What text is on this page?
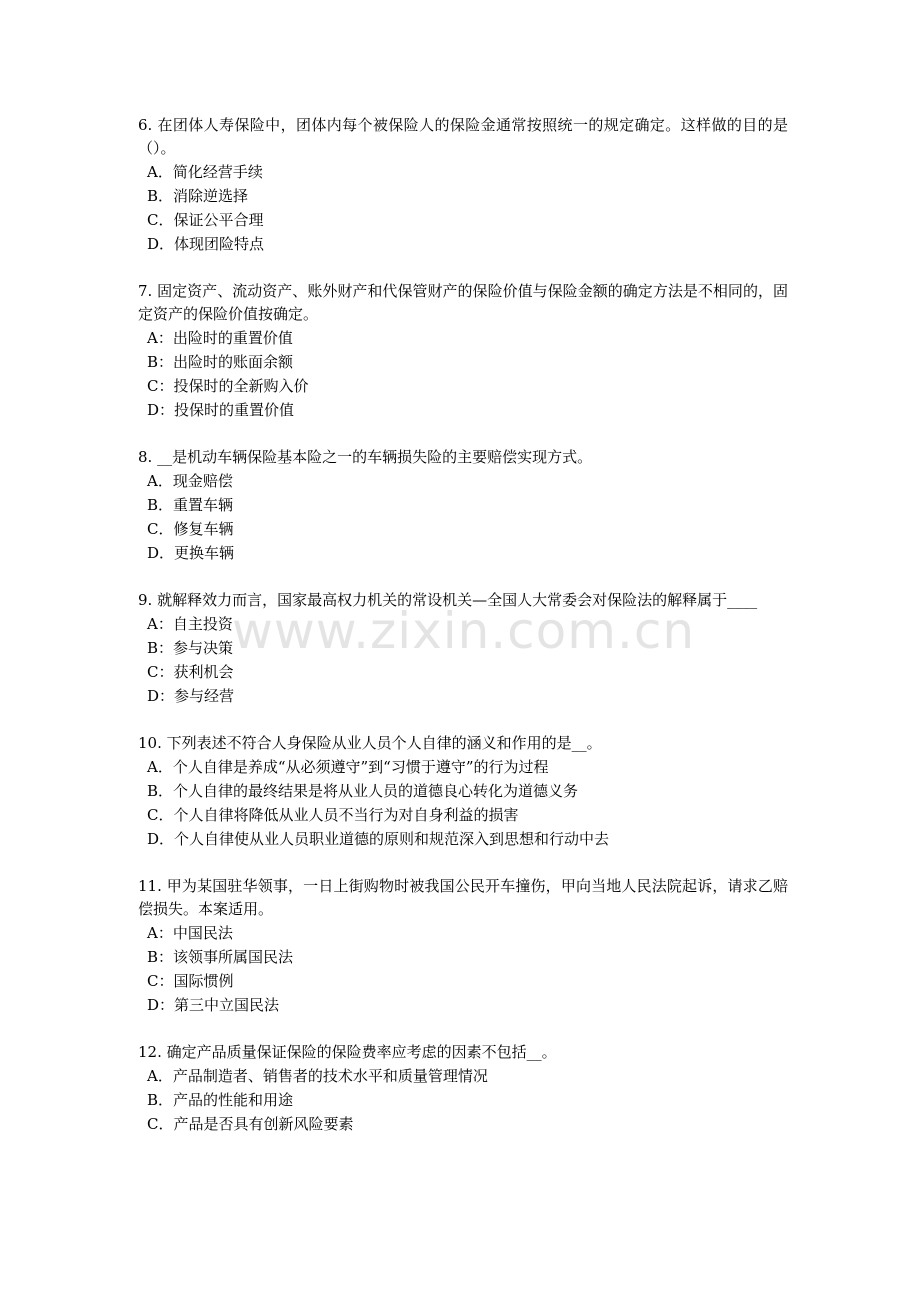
www.zixin.com.cn

6. 在团体人寿保险中，团体内每个被保险人的保险金通常按照统一的规定确定。这样做的目的是（）。

A．简化经营手续

B．消除逆选择

C．保证公平合理

D．体现团险特点

7. 固定资产、流动资产、账外财产和代保管财产的保险价值与保险金额的确定方法是不相同的，固定资产的保险价值按确定。

A：出险时的重置价值

B：出险时的账面余额

C：投保时的全新购入价

D：投保时的重置价值

8. __是机动车辆保险基本险之一的车辆损失险的主要赔偿实现方式。

A．现金赔偿

B．重置车辆

C．修复车辆

D．更换车辆

9. 就解释效力而言，国家最高权力机关的常设机关—全国人大常委会对保险法的解释属于____

A：自主投资

B：参与决策

C：获利机会

D：参与经营

10. 下列表述不符合人身保险从业人员个人自律的涵义和作用的是__。

A．个人自律是养成“从必须遵守”到“习惯于遵守”的行为过程

B．个人自律的最终结果是将从业人员的道德良心转化为道德义务

C．个人自律将降低从业人员不当行为对自身利益的损害

D．个人自律使从业人员职业道德的原则和规范深入到思想和行动中去

11. 甲为某国驻华领事，一日上街购物时被我国公民开车撞伤，甲向当地人民法院起诉，请求乙赔偿损失。本案适用。

A：中国民法

B：该领事所属国民法

C：国际惯例

D：第三中立国民法

12. 确定产品质量保证保险的保险费率应考虑的因素不包括__。

A．产品制造者、销售者的技术水平和质量管理情况

B．产品的性能和用途

C．产品是否具有创新风险要素
